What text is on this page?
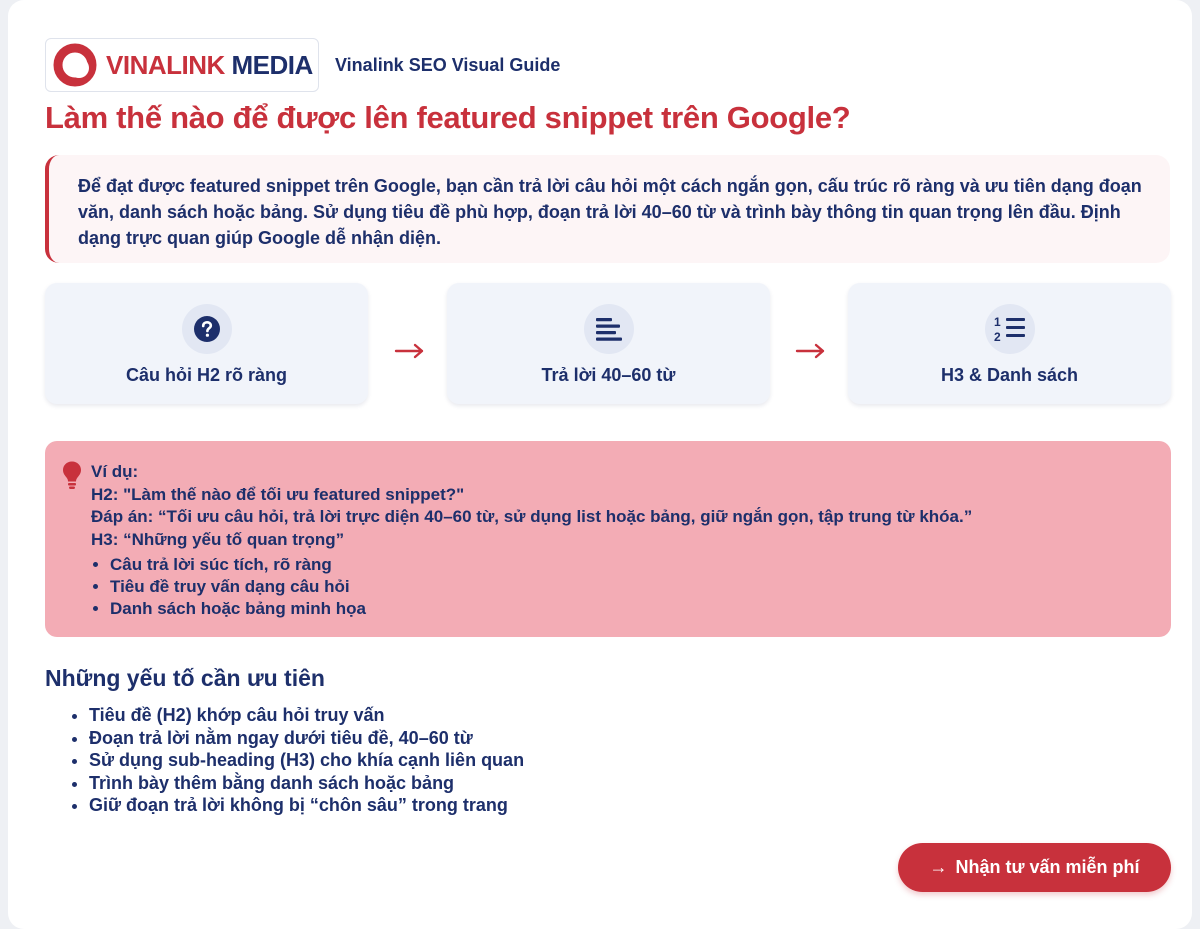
VINALINK MEDIA Vinalink SEO Visual Guide
Làm thế nào để được lên featured snippet trên Google?
Để đạt được featured snippet trên Google, bạn cần trả lời câu hỏi một cách ngắn gọn, cấu trúc rõ ràng và ưu tiên dạng đoạn văn, danh sách hoặc bảng. Sử dụng tiêu đề phù hợp, đoạn trả lời 40–60 từ và trình bày thông tin quan trọng lên đầu. Định dạng trực quan giúp Google dễ nhận diện.
Câu hỏi H2 rõ ràng	Trả lời 40–60 từ
1
2
H3 & Danh sách
Ví dụ:
H2: "Làm thế nào để tối ưu featured snippet?"
Đáp án: “Tối ưu câu hỏi, trả lời trực diện 40–60 từ, sử dụng list hoặc bảng, giữ ngắn gọn, tập trung từ khóa.”
H3: “Những yếu tố quan trọng”
• Câu trả lời súc tích, rõ ràng
• Tiêu đề truy vấn dạng câu hỏi
• Danh sách hoặc bảng minh họa
Những yếu tố cần ưu tiên
• Tiêu đề (H2) khớp câu hỏi truy vấn
• Đoạn trả lời nằm ngay dưới tiêu đề, 40–60 từ
• Sử dụng sub-heading (H3) cho khía cạnh liên quan
• Trình bày thêm bằng danh sách hoặc bảng
• Giữ đoạn trả lời không bị “chôn sâu” trong trang
→ Nhận tư vấn miễn phí
